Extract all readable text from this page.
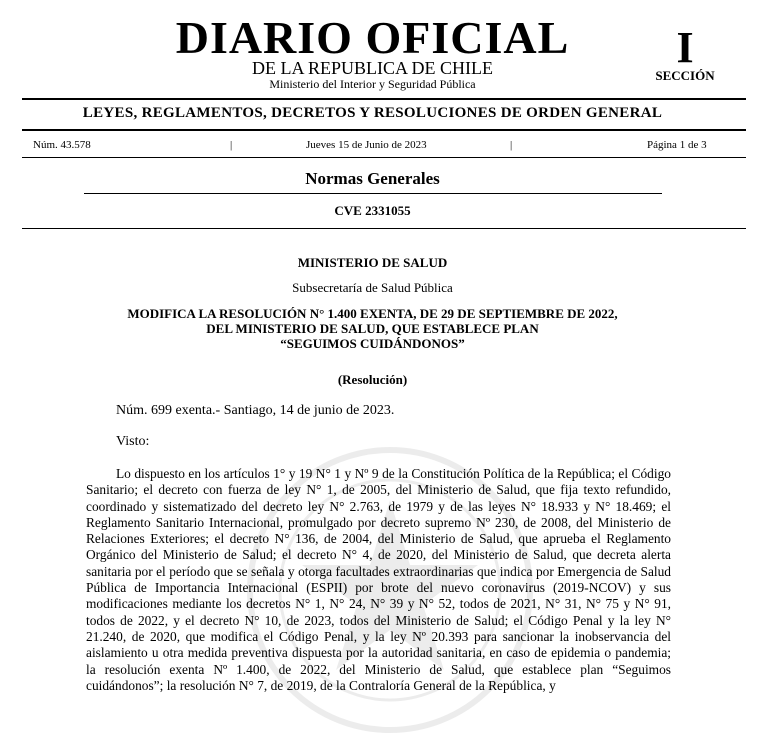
DIARIO OFICIAL
DE LA REPUBLICA DE CHILE
Ministerio del Interior y Seguridad Pública
I
SECCIÓN
LEYES, REGLAMENTOS, DECRETOS Y RESOLUCIONES DE ORDEN GENERAL
Núm. 43.578	|	Jueves 15 de Junio de 2023	|	Página 1 de 3
Normas Generales
CVE 2331055
MINISTERIO DE SALUD
Subsecretaría de Salud Pública
MODIFICA LA RESOLUCIÓN N° 1.400 EXENTA, DE 29 DE SEPTIEMBRE DE 2022,
DEL MINISTERIO DE SALUD, QUE ESTABLECE PLAN
“SEGUIMOS CUIDÁNDONOS”
(Resolución)
Núm. 699 exenta.- Santiago, 14 de junio de 2023.
Visto:
Lo dispuesto en los artículos 1° y 19 N° 1 y Nº 9 de la Constitución Política de la República; el Código Sanitario; el decreto con fuerza de ley N° 1, de 2005, del Ministerio de Salud, que fija texto refundido, coordinado y sistematizado del decreto ley N° 2.763, de 1979 y de las leyes N° 18.933 y N° 18.469; el Reglamento Sanitario Internacional, promulgado por decreto supremo Nº 230, de 2008, del Ministerio de Relaciones Exteriores; el decreto N° 136, de 2004, del Ministerio de Salud, que aprueba el Reglamento Orgánico del Ministerio de Salud; el decreto N° 4, de 2020, del Ministerio de Salud, que decreta alerta sanitaria por el período que se señala y otorga facultades extraordinarias que indica por Emergencia de Salud Pública de Importancia Internacional (ESPII) por brote del nuevo coronavirus (2019-NCOV) y sus modificaciones mediante los decretos N° 1, N° 24, N° 39 y N° 52, todos de 2021, N° 31, N° 75 y N° 91, todos de 2022, y el decreto N° 10, de 2023, todos del Ministerio de Salud; el Código Penal y la ley N° 21.240, de 2020, que modifica el Código Penal, y la ley Nº 20.393 para sancionar la inobservancia del aislamiento u otra medida preventiva dispuesta por la autoridad sanitaria, en caso de epidemia o pandemia; la resolución exenta Nº 1.400, de 2022, del Ministerio de Salud, que establece plan “Seguimos cuidándonos”; la resolución N° 7, de 2019, de la Contraloría General de la República, y
